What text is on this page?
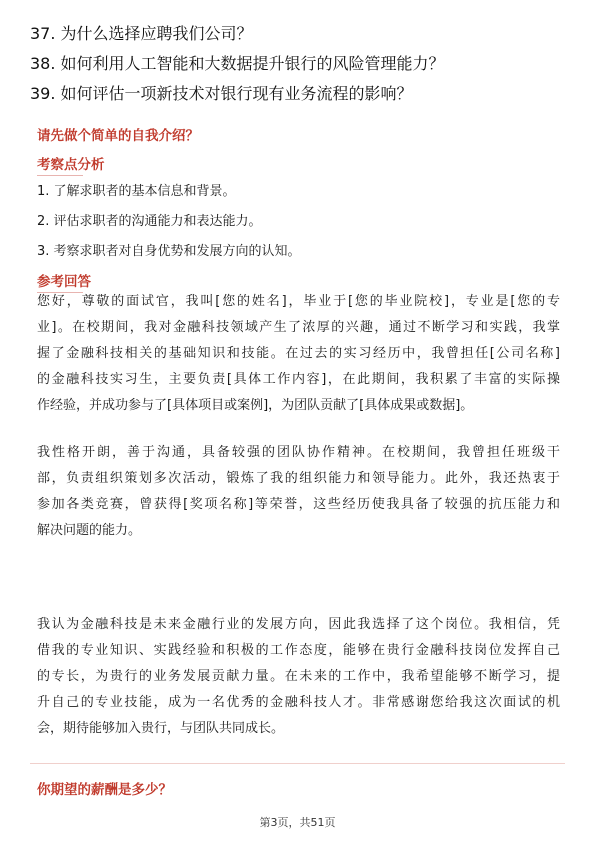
37. 为什么选择应聘我们公司？
38. 如何利用人工智能和大数据提升银行的风险管理能力？
39. 如何评估一项新技术对银行现有业务流程的影响？
请先做个简单的自我介绍？
考察点分析
1. 了解求职者的基本信息和背景。
2. 评估求职者的沟通能力和表达能力。
3. 考察求职者对自身优势和发展方向的认知。
参考回答
您好，尊敬的面试官，我叫[您的姓名]，毕业于[您的毕业院校]，专业是[您的专
业]。在校期间，我对金融科技领域产生了浓厚的兴趣，通过不断学习和实践，我掌
握了金融科技相关的基础知识和技能。在过去的实习经历中，我曾担任[公司名称]
的金融科技实习生，主要负责[具体工作内容]，在此期间，我积累了丰富的实际操
作经验，并成功参与了[具体项目或案例]，为团队贡献了[具体成果或数据]。
我性格开朗，善于沟通，具备较强的团队协作精神。在校期间，我曾担任班级干
部，负责组织策划多次活动，锻炼了我的组织能力和领导能力。此外，我还热衷于
参加各类竞赛，曾获得[奖项名称]等荣誉，这些经历使我具备了较强的抗压能力和
解决问题的能力。
我认为金融科技是未来金融行业的发展方向，因此我选择了这个岗位。我相信，凭
借我的专业知识、实践经验和积极的工作态度，能够在贵行金融科技岗位发挥自己
的专长，为贵行的业务发展贡献力量。在未来的工作中，我希望能够不断学习，提
升自己的专业技能，成为一名优秀的金融科技人才。非常感谢您给我这次面试的机
会，期待能够加入贵行，与团队共同成长。
你期望的薪酬是多少？
第3页，共51页
